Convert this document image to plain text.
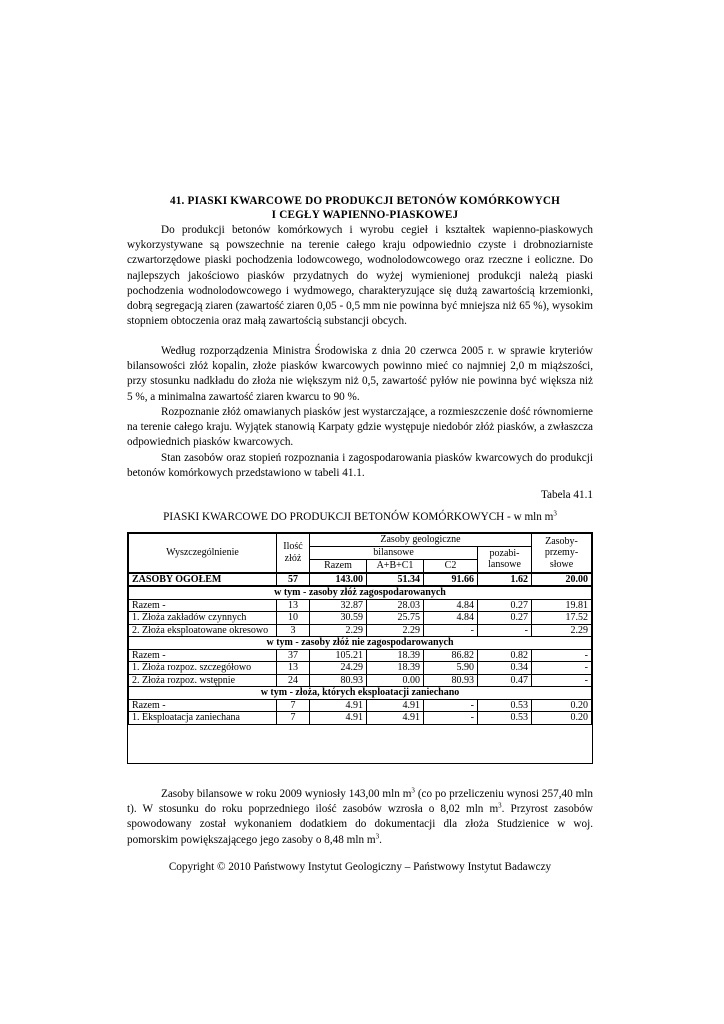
41. PIASKI KWARCOWE DO PRODUKCJI BETONÓW KOMÓRKOWYCH
I CEGŁY WAPIENNO-PIASKOWEJ
Do produkcji betonów komórkowych i wyrobu cegieł i kształtek wapienno-piaskowych wykorzystywane są powszechnie na terenie całego kraju odpowiednio czyste i drobnoziarniste czwartorzędowe piaski pochodzenia lodowcowego, wodnolodowcowego oraz rzeczne i eoliczne. Do najlepszych jakościowo piasków przydatnych do wyżej wymienionej produkcji należą piaski pochodzenia wodnolodowcowego i wydmowego, charakteryzujące się dużą zawartością krzemionki, dobrą segregacją ziaren (zawartość ziaren 0,05 - 0,5 mm nie powinna być mniejsza niż 65 %), wysokim stopniem obtoczenia oraz małą zawartością substancji obcych.
Według rozporządzenia Ministra Środowiska z dnia 20 czerwca 2005 r. w sprawie kryteriów bilansowości złóż kopalin, złoże piasków kwarcowych powinno mieć co najmniej 2,0 m miąższości, przy stosunku nadkładu do złoża nie większym niż 0,5, zawartość pyłów nie powinna być większa niż 5 %, a minimalna zawartość ziaren kwarcu to 90 %.
Rozpoznanie złóż omawianych piasków jest wystarczające, a rozmieszczenie dość równomierne na terenie całego kraju. Wyjątek stanowią Karpaty gdzie występuje niedobór złóż piasków, a zwłaszcza odpowiednich piasków kwarcowych.
Stan zasobów oraz stopień rozpoznania i zagospodarowania piasków kwarcowych do produkcji betonów komórkowych przedstawiono w tabeli 41.1.
Tabela 41.1
PIASKI KWARCOWE DO PRODUKCJI BETONÓW KOMÓRKOWYCH - w mln $m^3$
Wyszczególnienie	Ilość złóż	Zasoby geologiczne				Zasoby-przemy-słowe
		bilansowe			pozabi-lansowe	
		Razem	A+B+C1	C2		
ZASOBY OGÓŁEM	57	143.00	51.34	91.66	1.62	20.00
w tym - zasoby złóż zagospodarowanych						
Razem -	13	32.87	28.03	4.84	0.27	19.81
1. Złoża zakładów czynnych	10	30.59	25.75	4.84	0.27	17.52
2. Złoża eksploatowane okresowo	3	2.29	2.29	-	-	2.29
w tym - zasoby złóż nie zagospodarowanych						
Razem -	37	105.21	18.39	86.82	0.82	-
1. Złoża rozpoz. szczegółowo	13	24.29	18.39	5.90	0.34	-
2. Złoża rozpoz. wstępnie	24	80.93	0.00	80.93	0.47	-
w tym - złoża, których eksploatacji zaniechano						
Razem -	7	4.91	4.91	-	0.53	0.20
1. Eksploatacja zaniechana	7	4.91	4.91	-	0.53	0.20
Zasoby bilansowe w roku 2009 wyniosły 143,00 mln $m^3$ (co po przeliczeniu wynosi 257,40 mln t). W stosunku do roku poprzedniego ilość zasobów wzrosła o 8,02 mln $m^3$. Przyrost zasobów spowodowany został wykonaniem dodatkiem do dokumentacji dla złoża Studzienice w woj. pomorskim powiększającego jego zasoby o 8,48 mln $m^3$.
Copyright © 2010 Państwowy Instytut Geologiczny – Państwowy Instytut Badawczy
